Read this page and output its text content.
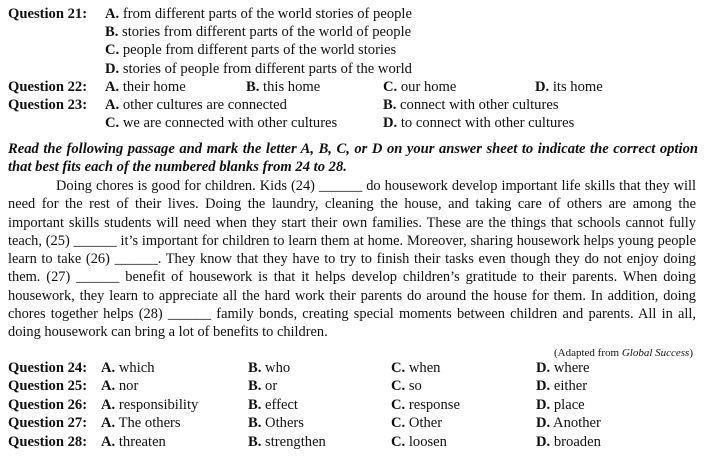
Question 21: A. from different parts of the world stories of people
B. stories from different parts of the world of people
C. people from different parts of the world stories
D. stories of people from different parts of the world
Question 22: A. their home	B. this home	C. our home	D. its home
Question 23: A. other cultures are connected	B. connect with other cultures
C. we are connected with other cultures	D. to connect with other cultures
Read the following passage and mark the letter A, B, C, or D on your answer sheet to indicate the correct option that best fits each of the numbered blanks from 24 to 28.
Doing chores is good for children. Kids (24) ______ do housework develop important life skills that they will need for the rest of their lives. Doing the laundry, cleaning the house, and taking care of others are among the important skills students will need when they start their own families. These are the things that schools cannot fully teach, (25) ______ it’s important for children to learn them at home. Moreover, sharing housework helps young people learn to take (26) ______. They know that they have to try to finish their tasks even though they do not enjoy doing them. (27) ______ benefit of housework is that it helps develop children’s gratitude to their parents. When doing housework, they learn to appreciate all the hard work their parents do around the house for them. In addition, doing chores together helps (28) ______ family bonds, creating special moments between children and parents. All in all, doing housework can bring a lot of benefits to children.
(Adapted from Global Success)
Question 24: A. which	B. who	C. when	D. where
Question 25: A. nor	B. or	C. so	D. either
Question 26: A. responsibility	B. effect	C. response	D. place
Question 27: A. The others	B. Others	C. Other	D. Another
Question 28: A. threaten	B. strengthen	C. loosen	D. broaden
